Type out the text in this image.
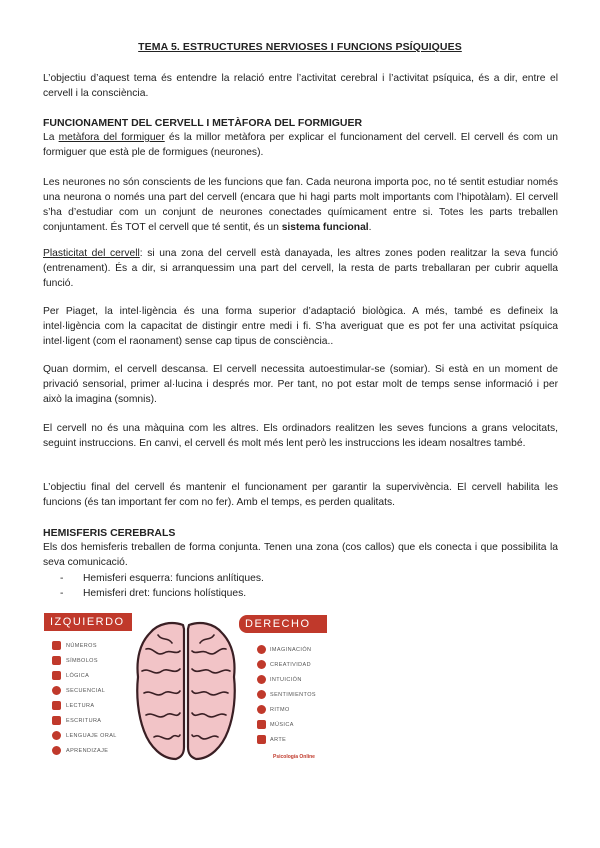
TEMA 5. ESTRUCTURES NERVIOSES I FUNCIONS PSÍQUIQUES

L’objectiu d’aquest tema és entendre la relació entre l’activitat cerebral i l’activitat psíquica, és a dir, entre el cervell i la consciència.

FUNCIONAMENT DEL CERVELL I METÀFORA DEL FORMIGUER

La metàfora del formiguer és la millor metàfora per explicar el funcionament del cervell. El cervell és com un formiguer que està ple de formigues (neurones).

Les neurones no són conscients de les funcions que fan. Cada neurona importa poc, no té sentit estudiar només una neurona o només una part del cervell (encara que hi hagi parts molt importants com l’hipotàlam). El cervell s’ha d’estudiar com un conjunt de neurones conectades químicament entre si. Totes les parts treballen conjuntament. És TOT el cervell que té sentit, és un sistema funcional.

Plasticitat del cervell: si una zona del cervell està danayada, les altres zones poden realitzar la seva funció (entrenament). És a dir, si arranquessim una part del cervell, la resta de parts treballaran per cubrir aquella funció.

Per Piaget, la intel·ligència és una forma superior d’adaptació biològica. A més, també es defineix la intel·ligència com la capacitat de distingir entre medi i fi. S’ha averiguat que es pot fer una activitat psíquica intel·ligent (com el raonament) sense cap tipus de consciència..

Quan dormim, el cervell descansa. El cervell necessita autoestimular-se (somiar). Si està en un moment de privació sensorial, primer al·lucina i després mor. Per tant, no pot estar molt de temps sense informació i per això la imagina (somnis).

El cervell no és una màquina com les altres. Els ordinadors realitzen les seves funcions a grans velocitats, seguint instruccions. En canvi, el cervell és molt més lent però les instruccions les ideam nosaltres també.

L’objectiu final del cervell és mantenir el funcionament per garantir la supervivència. El cervell habilita les funcions (és tan important fer com no fer). Amb el temps, es perden qualitats.

HEMISFERIS CEREBRALS

Els dos hemisferis treballen de forma conjunta. Tenen una zona (cos callos) que els conecta i que possibilita la seva comunicació.

- Hemisferi esquerra: funcions anlítiques.
- Hemisferi dret: funcions holístiques.
IZQUIERDO	DERECHO
NÚMEROS
SÍMBOLOS
LÓGICA
SECUENCIAL
LECTURA
ESCRITURA
LENGUAJE ORAL
APRENDIZAJE
IMAGINACIÓN
CREATIVIDAD
INTUICIÓN
SENTIMIENTOS
RITMO
MÚSICA
ARTE
Psicología Online
